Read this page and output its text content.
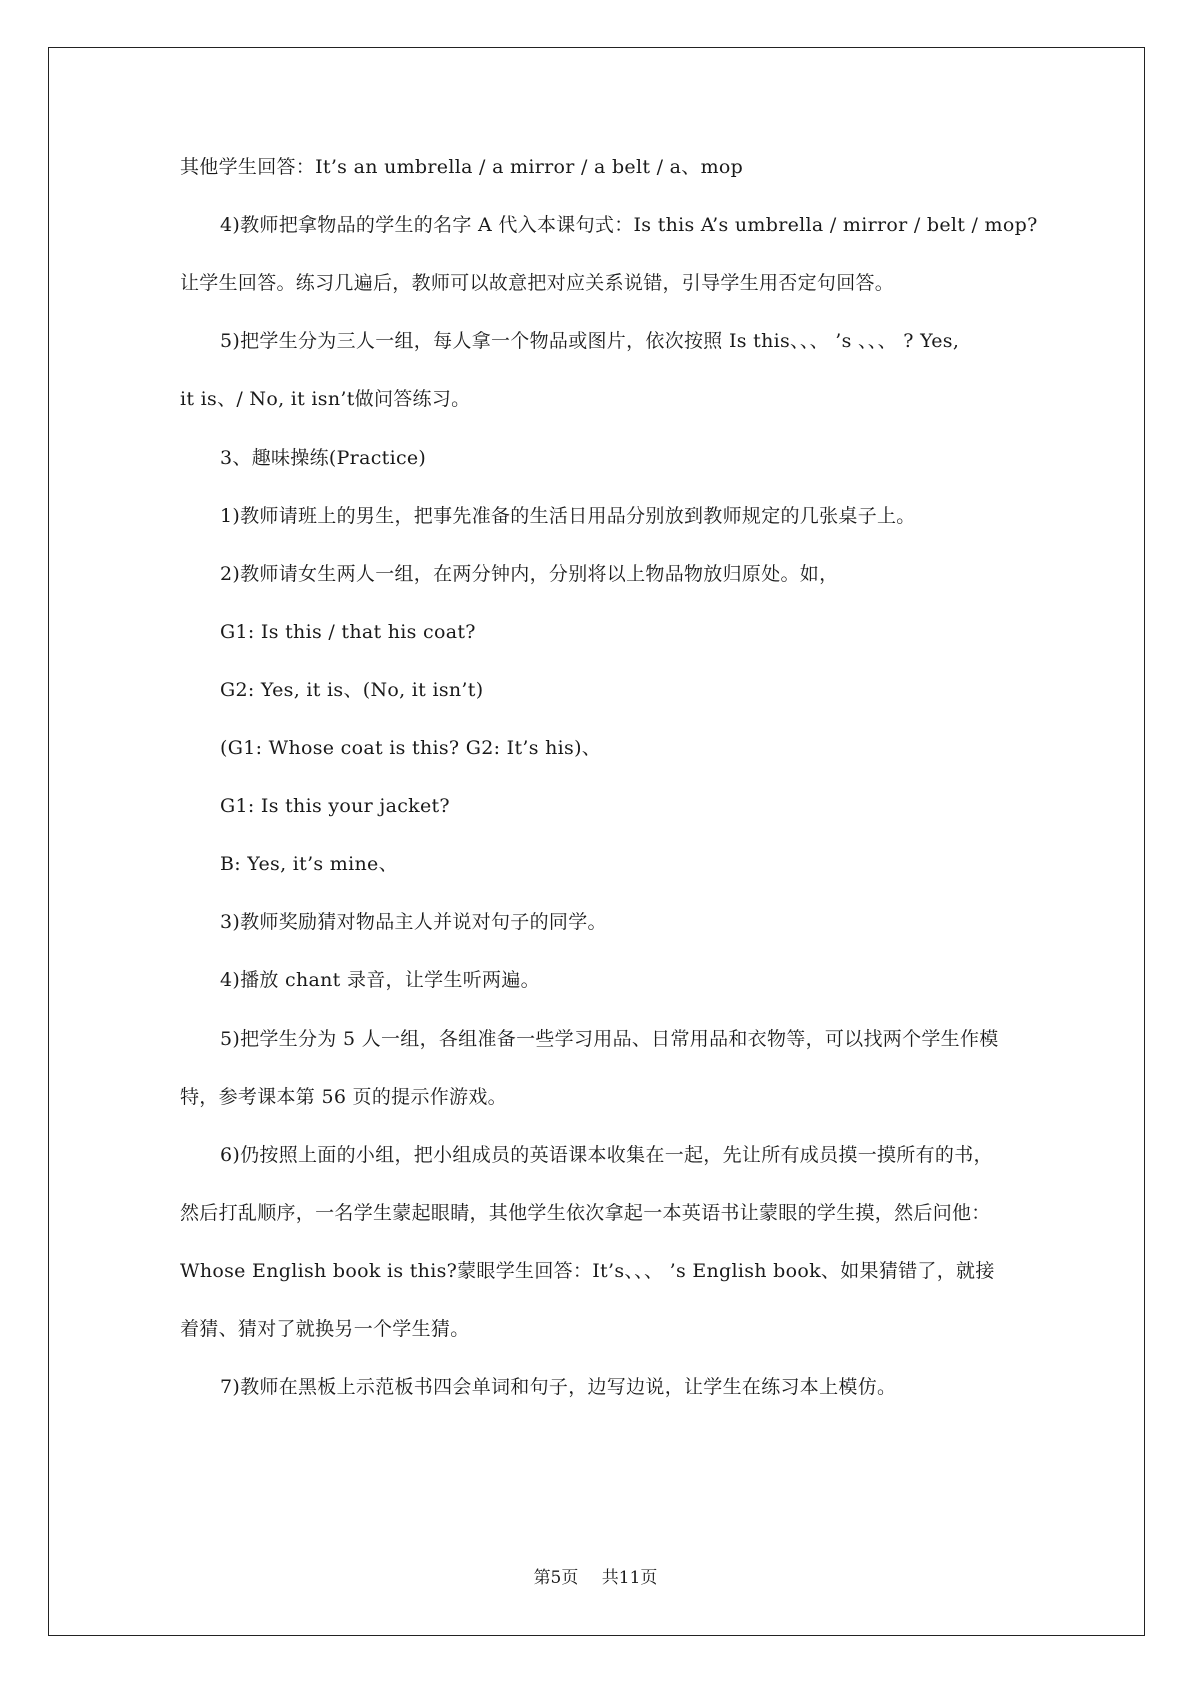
其他学生回答：It’s an umbrella / a mirror / a belt / a、mop
4)教师把拿物品的学生的名字 A 代入本课句式：Is this A’s umbrella / mirror / belt / mop?
让学生回答。练习几遍后，教师可以故意把对应关系说错，引导学生用否定句回答。
5)把学生分为三人一组，每人拿一个物品或图片，依次按照 Is this、、、 ’s 、、、 ? Yes,
it is、/ No, it isn’t做问答练习。
3、趣味操练(Practice)
1)教师请班上的男生，把事先准备的生活日用品分别放到教师规定的几张桌子上。
2)教师请女生两人一组，在两分钟内，分别将以上物品物放归原处。如，
G1: Is this / that his coat?
G2: Yes, it is、(No, it isn’t)
(G1: Whose coat is this? G2: It’s his)、
G1: Is this your jacket?
B: Yes, it’s mine、
3)教师奖励猜对物品主人并说对句子的同学。
4)播放 chant 录音，让学生听两遍。
5)把学生分为 5 人一组，各组准备一些学习用品、日常用品和衣物等，可以找两个学生作模
特，参考课本第 56 页的提示作游戏。
6)仍按照上面的小组，把小组成员的英语课本收集在一起，先让所有成员摸一摸所有的书，
然后打乱顺序，一名学生蒙起眼睛，其他学生依次拿起一本英语书让蒙眼的学生摸，然后问他：
Whose English book is this?蒙眼学生回答：It’s、、、 ’s English book、如果猜错了，就接
着猜、猜对了就换另一个学生猜。
7)教师在黑板上示范板书四会单词和句子，边写边说，让学生在练习本上模仿。
第5页 共11页
